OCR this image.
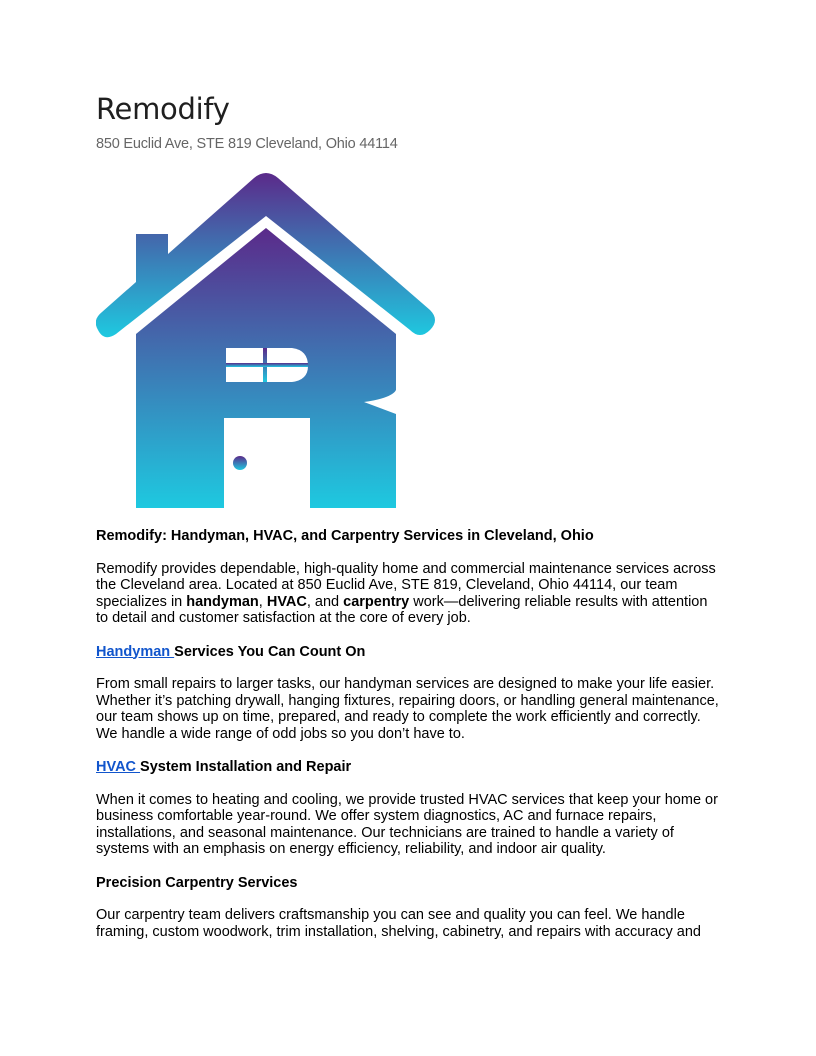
Remodify

850 Euclid Ave, STE 819 Cleveland, Ohio 44114

Remodify: Handyman, HVAC, and Carpentry Services in Cleveland, Ohio

Remodify provides dependable, high-quality home and commercial maintenance services across the Cleveland area. Located at 850 Euclid Ave, STE 819, Cleveland, Ohio 44114, our team specializes in handyman, HVAC, and carpentry work—delivering reliable results with attention to detail and customer satisfaction at the core of every job.

Handyman Services You Can Count On

From small repairs to larger tasks, our handyman services are designed to make your life easier. Whether it’s patching drywall, hanging fixtures, repairing doors, or handling general maintenance, our team shows up on time, prepared, and ready to complete the work efficiently and correctly. We handle a wide range of odd jobs so you don’t have to.

HVAC System Installation and Repair

When it comes to heating and cooling, we provide trusted HVAC services that keep your home or business comfortable year-round. We offer system diagnostics, AC and furnace repairs, installations, and seasonal maintenance. Our technicians are trained to handle a variety of systems with an emphasis on energy efficiency, reliability, and indoor air quality.

Precision Carpentry Services

Our carpentry team delivers craftsmanship you can see and quality you can feel. We handle framing, custom woodwork, trim installation, shelving, cabinetry, and repairs with accuracy and
